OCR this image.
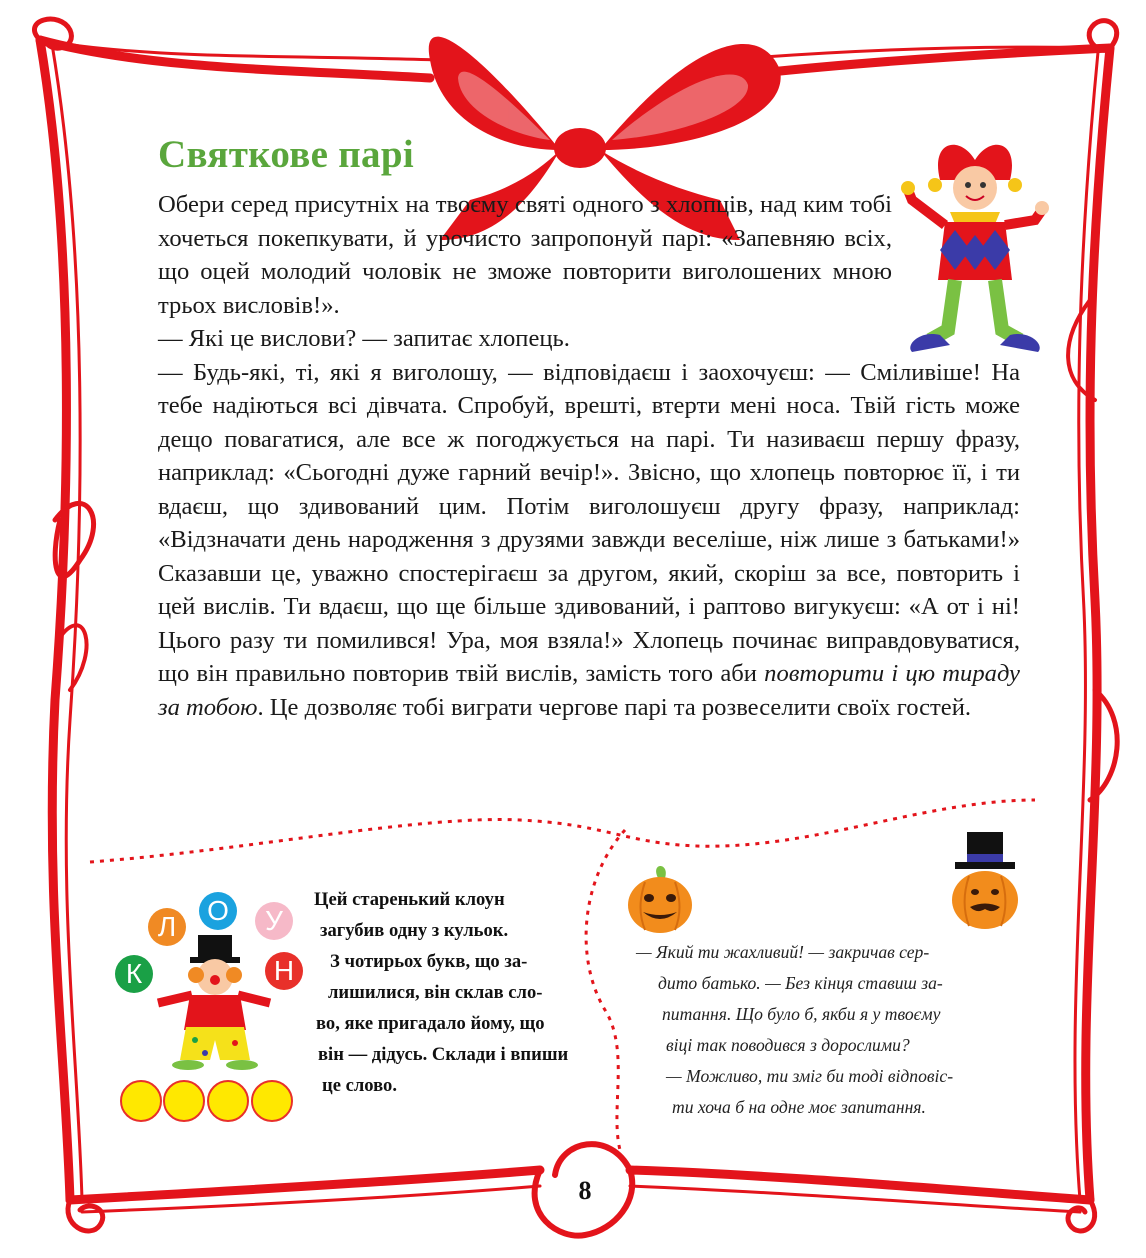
Святкове парі

Обери серед присутніх на твоєму святі одного з хлопців, над ким тобі хочеться покепкувати, й урочисто запропонуй парі: «Запевняю всіх, що оцей молодий чоловік не зможе повторити виголошених мною трьох висловів!».

— Які це вислови? — запитає хлопець.

— Будь-які, ті, які я виголошу, — відповідаєш і заохочуєш: — Сміливіше! На тебе надіються всі дівчата. Спробуй, врешті, втерти мені носа. Твій гість може дещо повагатися, але все ж погоджується на парі. Ти називаєш першу фразу, наприклад: «Сьогодні дуже гарний вечір!». Звісно, що хлопець повторює її, і ти вдаєш, що здивований цим. Потім виголошуєш другу фразу, наприклад: «Відзначати день народження з друзями завжди веселіше, ніж лише з батьками!» Сказавши це, уважно спостерігаєш за другом, який, скоріш за все, повторить і цей вислів. Ти вдаєш, що ще більше здивований, і раптово вигукуєш: «А от і ні! Цього разу ти помилився! Ура, моя взяла!» Хлопець починає виправдовуватися, що він правильно повторив твій вислів, замість того аби повторити і цю тираду за тобою. Це дозволяє тобі виграти чергове парі та розвеселити своїх гостей.

К
Л
О	У
Н
Цей старенький клоун
загубив одну з кульок.
З чотирьох букв, що за-
лишилися, він склав сло-
во, яке пригадало йому, що
він — дідусь. Склади і впиши
це слово.
— Який ти жахливий! — закричав сер-
дито батько. — Без кінця ставиш за-
питання. Що було б, якби я у твоєму
віці так поводився з дорослими?
— Можливо, ти зміг би тоді відповіс-
ти хоча б на одне моє запитання.
8
